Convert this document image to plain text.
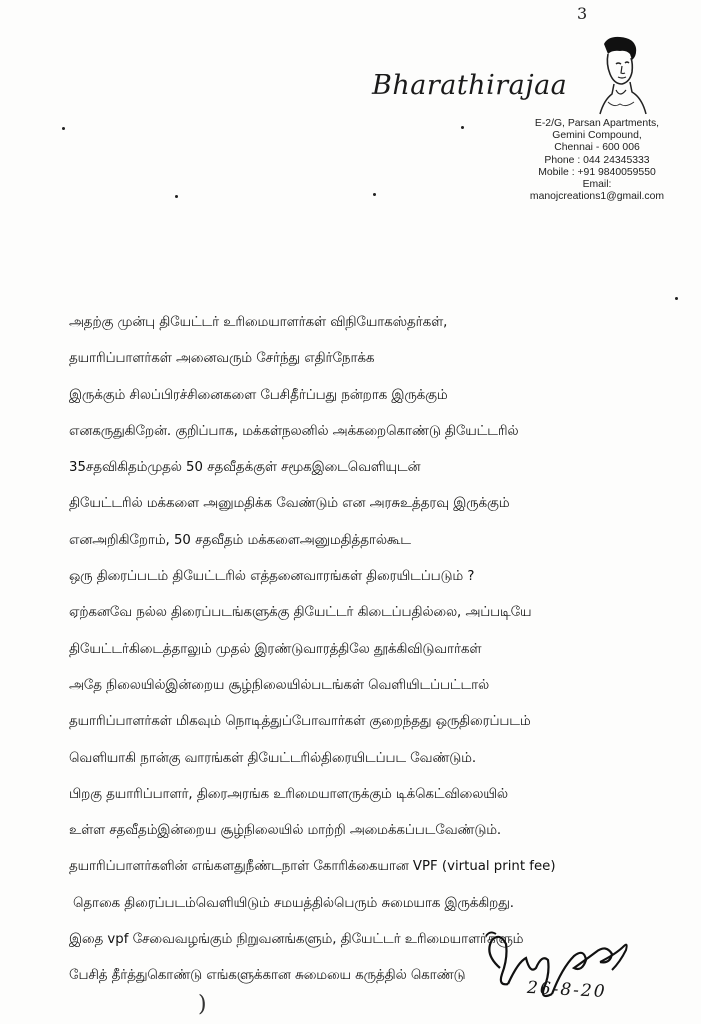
3
Bharathirajaa
E-2/G, Parsan Apartments,
Gemini Compound,
Chennai - 600 006
Phone : 044 24345333
Mobile : +91 9840059550
Email:
manojcreations1@gmail.com
அதற்கு முன்பு தியேட்டர் உரிமையாளர்கள் விநியோகஸ்தர்கள்,
தயாரிப்பாளர்கள் அனைவரும் சேர்ந்து எதிர்நோக்க
இருக்கும் சிலப்பிரச்சினைகளை பேசிதீர்ப்பது நன்றாக இருக்கும்
எனகருதுகிறேன். குறிப்பாக, மக்கள்நலனில் அக்கறைகொண்டு தியேட்டரில்
35சதவிகிதம்முதல் 50 சதவீதக்குள் சமூகஇடைவெளியுடன்
தியேட்டரில் மக்களை அனுமதிக்க வேண்டும் என அரசுஉத்தரவு இருக்கும்
எனஅறிகிறோம், 50 சதவீதம் மக்களைஅனுமதித்தால்கூட
ஒரு திரைப்படம் தியேட்டரில் எத்தனைவாரங்கள் திரையிடப்படும் ?
ஏற்கனவே நல்ல திரைப்படங்களுக்கு தியேட்டர் கிடைப்பதில்லை, அப்படியே
தியேட்டர்கிடைத்தாலும் முதல் இரண்டுவாரத்திலே தூக்கிவிடுவார்கள்
அதே நிலையில்இன்றைய சூழ்நிலையில்படங்கள் வெளியிடப்பட்டால்
தயாரிப்பாளர்கள் மிகவும் நொடித்துப்போவார்கள் குறைந்தது ஒருதிரைப்படம்
வெளியாகி நான்கு வாரங்கள் தியேட்டரில்திரையிடப்பட வேண்டும்.
பிறகு தயாரிப்பாளர், திரைஅரங்க உரிமையாளருக்கும் டிக்கெட்விலையில்
உள்ள சதவீதம்இன்றைய சூழ்நிலையில் மாற்றி அமைக்கப்படவேண்டும்.
தயாரிப்பாளர்களின் எங்களதுநீண்டநாள் கோரிக்கையான VPF (virtual print fee)
தொகை திரைப்படம்வெளியிடும் சமயத்தில்பெரும் சுமையாக இருக்கிறது.
இதை vpf சேவைவழங்கும் நிறுவனங்களும், தியேட்டர் உரிமையாளர்களும்
பேசித் தீர்த்துகொண்டு எங்களுக்கான சுமையை கருத்தில் கொண்டு
26-8-20
)
